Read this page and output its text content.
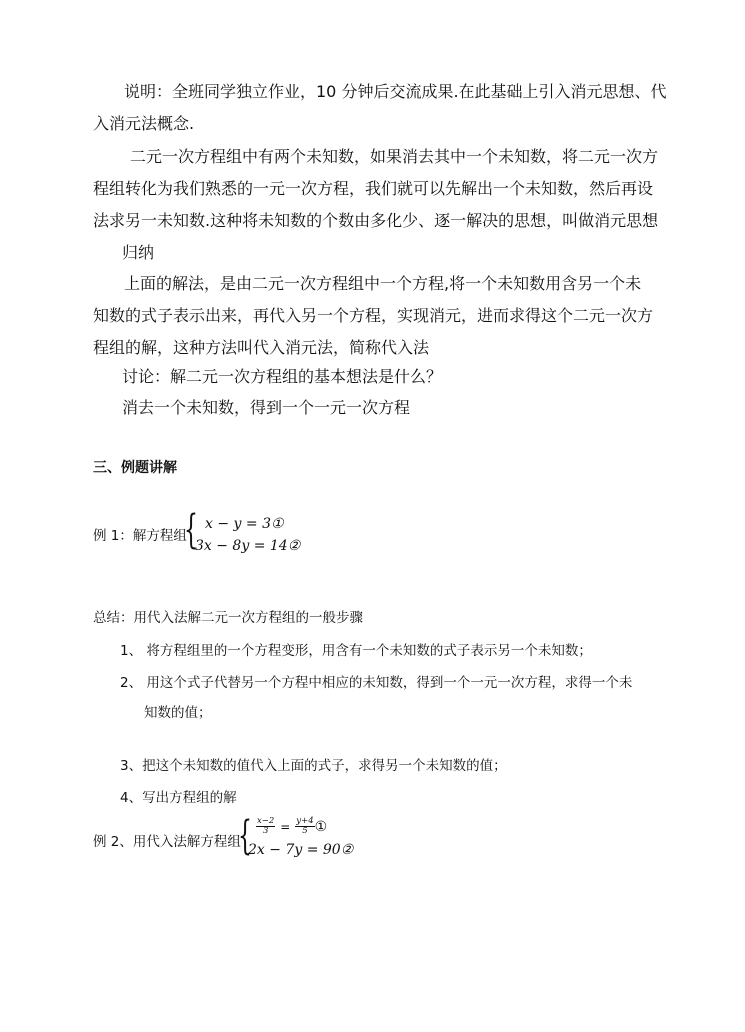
说明：全班同学独立作业，10 分钟后交流成果.在此基础上引入消元思想、代
入消元法概念.
二元一次方程组中有两个未知数，如果消去其中一个未知数，将二元一次方
程组转化为我们熟悉的一元一次方程，我们就可以先解出一个未知数，然后再设
法求另一未知数.这种将未知数的个数由多化少、逐一解决的思想，叫做消元思想
归纳
上面的解法，是由二元一次方程组中一个方程,将一个未知数用含另一个未
知数的式子表示出来，再代入另一个方程，实现消元，进而求得这个二元一次方
程组的解，这种方法叫代入消元法，简称代入法
讨论：解二元一次方程组的基本想法是什么？
消去一个未知数，得到一个一元一次方程
三、例题讲解
例 1：解方程组
{ x − y = 3①
3x − 8y = 14②
总结：用代入法解二元一次方程组的一般步骤
1、 将方程组里的一个方程变形，用含有一个未知数的式子表示另一个未知数；
2、 用这个式子代替另一个方程中相应的未知数，得到一个一元一次方程，求得一个未
知数的值；
3、把这个未知数的值代入上面的式子，求得另一个未知数的值；
4、写出方程组的解
例 2、用代入法解方程组
{ $\frac{x-2}{3} = \frac{y+4}{5}$ ①
2x − 7y = 90②
